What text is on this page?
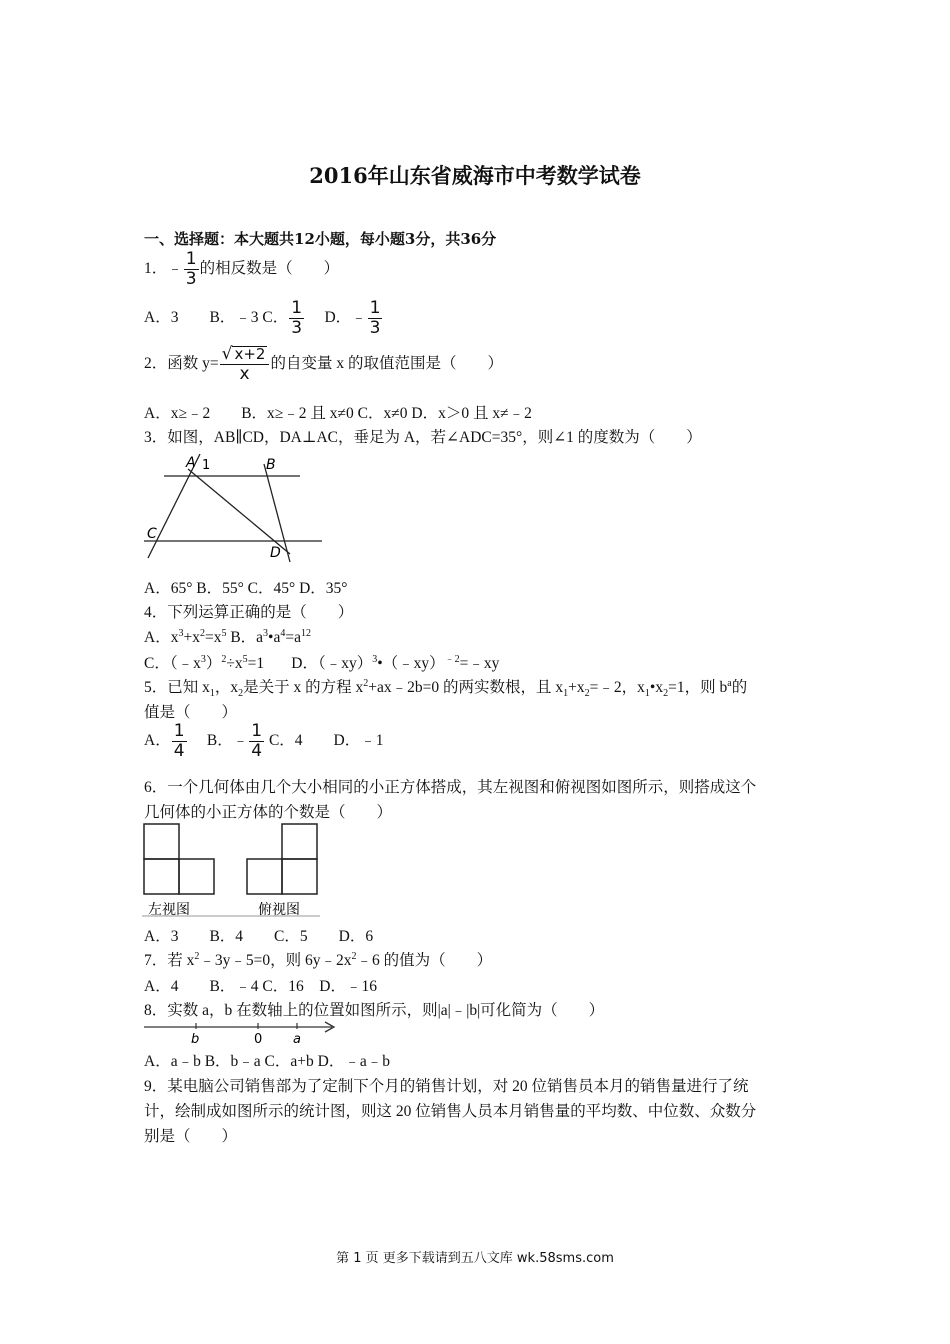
2016年山东省威海市中考数学试卷
一、选择题：本大题共12小题，每小题3分，共36分
1．﹣ $\frac{1}{3}$ 的相反数是（　　）
A．3　　B．﹣3 C． $\frac{1}{3}$ D．﹣ $\frac{1}{3}$
2．函数 $y= \frac{√ x+2}{x}$ 的自变量 x 的取值范围是（　　）
A．x≥﹣2　　B．x≥﹣2 且 x≠0 C．x≠0 D．x＞0 且 x≠﹣2
3．如图，AB∥CD，DA⊥AC，垂足为 A，若∠ADC=35°，则∠1 的度数为（　　）
A 1	B
C
D
A．65° B．55° C．45° D．35°
4．下列运算正确的是（　　）
A．$x^3+x^2=x^5$ B．$a^3•a^4=a^{12}$
C．$(﹣x^3)^2\div x^5=1$ D．（﹣xy）$^3$•（﹣xy）$^{﹣2}$=﹣xy
5．已知 $x_1$，$x_2$是关于 x 的方程 $x^2+ax﹣2b=0$ 的两实数根，且 $x_1+x_2=﹣2$，$x_1•x_2=1$，则 $b^a$的
值是（　　）
A． $\frac{1}{4}$ B．﹣ $\frac{1}{4}$ C．4　　D．﹣1
6．一个几何体由几个大小相同的小正方体搭成，其左视图和俯视图如图所示，则搭成这个
几何体的小正方体的个数是（　　）
左视图	俯视图
A．3　　B．4　　C．5　　D．6
7．若 $x^2﹣3y﹣5=0$，则 $6y﹣2x^2﹣6$ 的值为（　　）
A．4　　B．﹣4 C．16　D．﹣16
8．实数 a，b 在数轴上的位置如图所示，则|a|﹣|b|可化简为（　　）
b	0 a
A．a﹣b B．b﹣a C．a+b D．﹣a﹣b
9．某电脑公司销售部为了定制下个月的销售计划，对 20 位销售员本月的销售量进行了统
计，绘制成如图所示的统计图，则这 20 位销售人员本月销售量的平均数、中位数、众数分
别是（　　）
第 1 页 更多下载请到五八文库 wk.58sms.com
